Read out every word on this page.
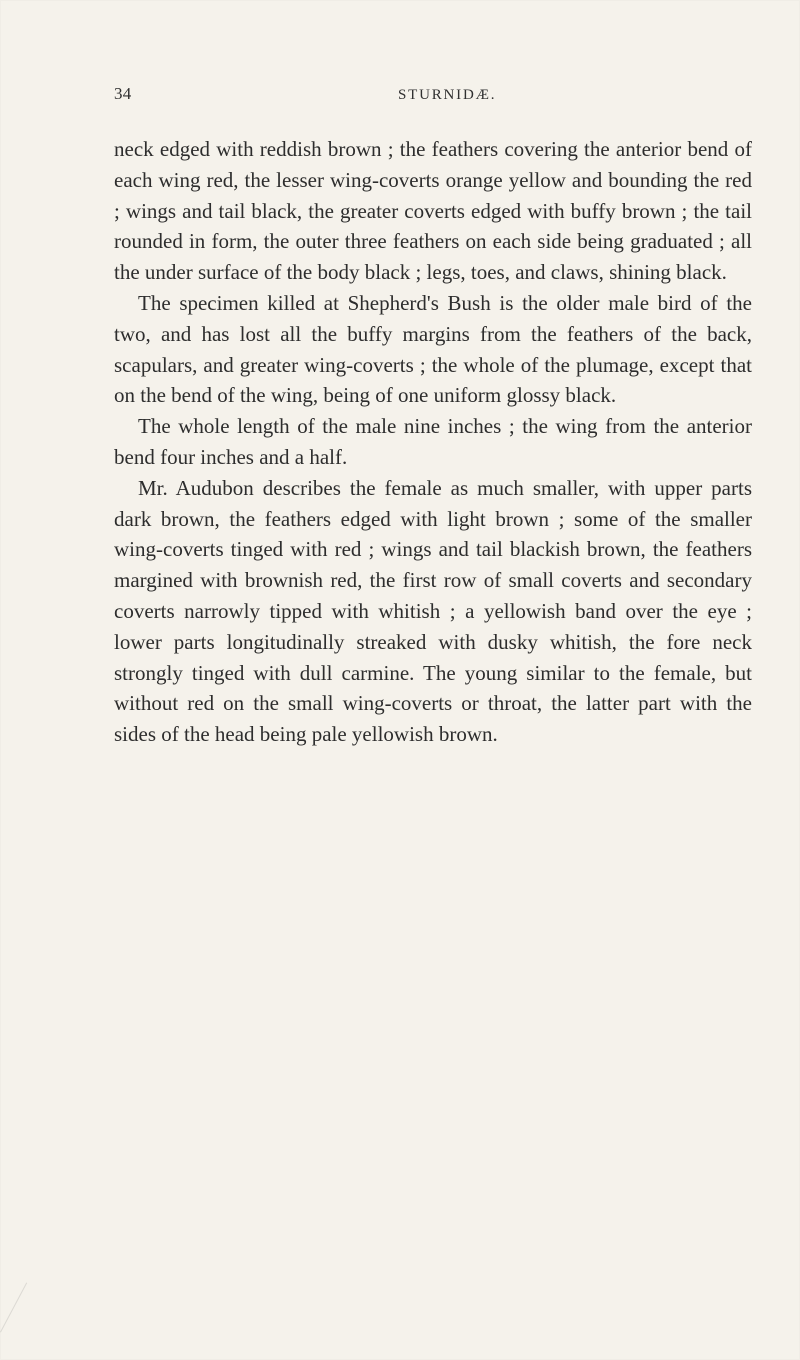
34	STURNIDÆ.

neck edged with reddish brown ; the feathers covering the anterior bend of each wing red, the lesser wing-coverts orange yellow and bounding the red ; wings and tail black, the greater coverts edged with buffy brown ; the tail rounded in form, the outer three feathers on each side being graduated ; all the under surface of the body black ; legs, toes, and claws, shining black.

The specimen killed at Shepherd's Bush is the older male bird of the two, and has lost all the buffy margins from the feathers of the back, scapulars, and greater wing-coverts ; the whole of the plumage, except that on the bend of the wing, being of one uniform glossy black.

The whole length of the male nine inches ; the wing from the anterior bend four inches and a half.

Mr. Audubon describes the female as much smaller, with upper parts dark brown, the feathers edged with light brown ; some of the smaller wing-coverts tinged with red ; wings and tail blackish brown, the feathers margined with brownish red, the first row of small coverts and secondary coverts narrowly tipped with whitish ; a yellowish band over the eye ; lower parts longitudinally streaked with dusky whitish, the fore neck strongly tinged with dull carmine. The young similar to the female, but without red on the small wing-coverts or throat, the latter part with the sides of the head being pale yellowish brown.
